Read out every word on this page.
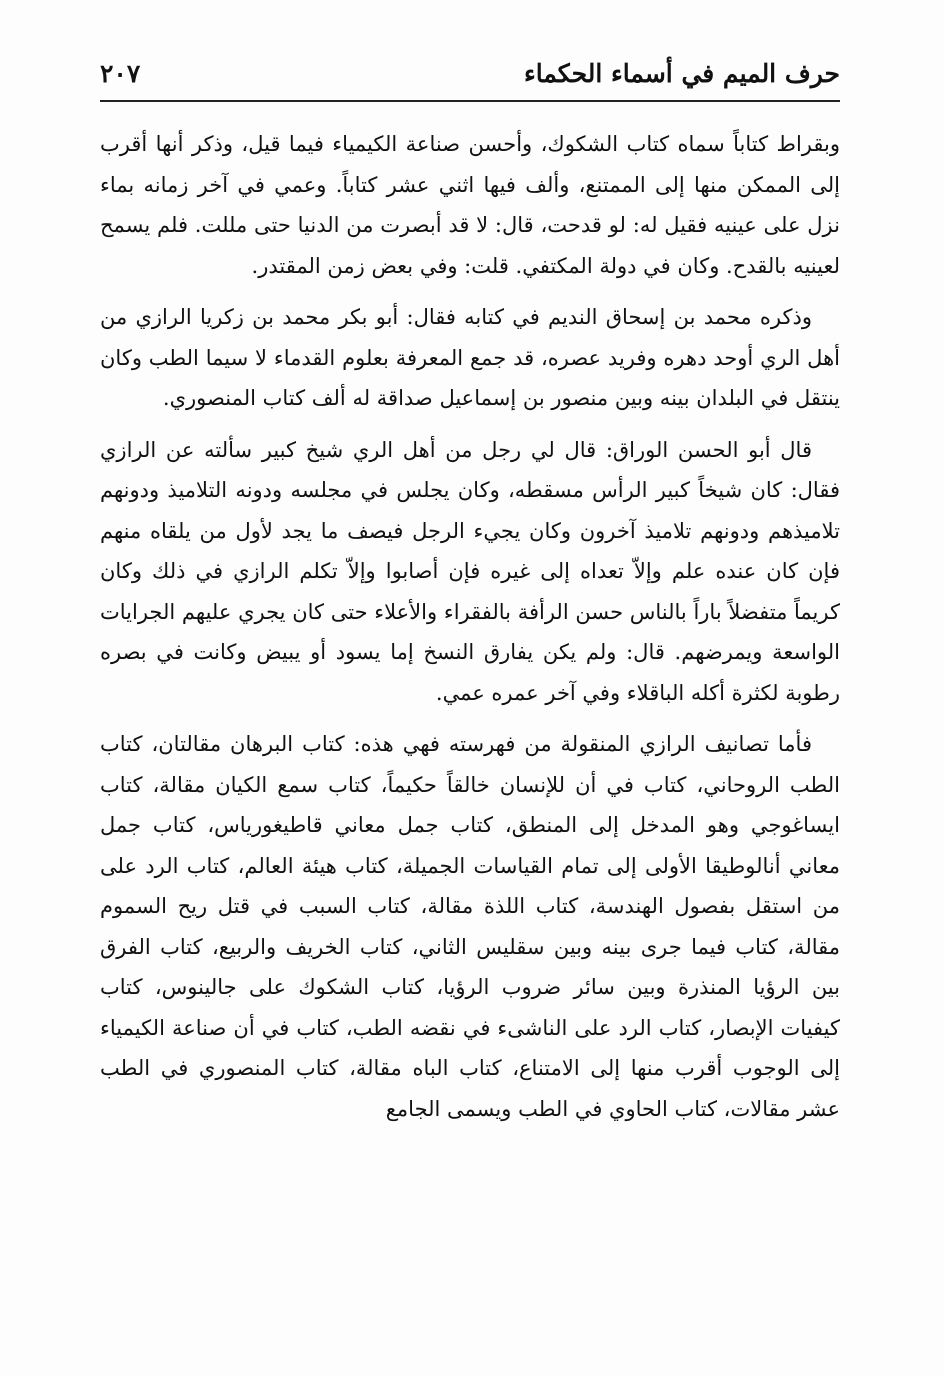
حرف الميم في أسماء الحكماء
٢٠٧

وبقراط كتاباً سماه كتاب الشكوك، وأحسن صناعة الكيمياء فيما قيل، وذكر أنها أقرب إلى الممكن منها إلى الممتنع، وألف فيها اثني عشر كتاباً. وعمي في آخر زمانه بماء نزل على عينيه فقيل له: لو قدحت، قال: لا قد أبصرت من الدنيا حتى مللت. فلم يسمح لعينيه بالقدح. وكان في دولة المكتفي. قلت: وفي بعض زمن المقتدر.

وذكره محمد بن إسحاق النديم في كتابه فقال: أبو بكر محمد بن زكريا الرازي من أهل الري أوحد دهره وفريد عصره، قد جمع المعرفة بعلوم القدماء لا سيما الطب وكان ينتقل في البلدان بينه وبين منصور بن إسماعيل صداقة له ألف كتاب المنصوري.

قال أبو الحسن الوراق: قال لي رجل من أهل الري شيخ كبير سألته عن الرازي فقال: كان شيخاً كبير الرأس مسقطه، وكان يجلس في مجلسه ودونه التلاميذ ودونهم تلاميذهم ودونهم تلاميذ آخرون وكان يجيء الرجل فيصف ما يجد لأول من يلقاه منهم فإن كان عنده علم وإلاّ تعداه إلى غيره فإن أصابوا وإلاّ تكلم الرازي في ذلك وكان كريماً متفضلاً باراً بالناس حسن الرأفة بالفقراء والأعلاء حتى كان يجري عليهم الجرايات الواسعة ويمرضهم. قال: ولم يكن يفارق النسخ إما يسود أو يبيض وكانت في بصره رطوبة لكثرة أكله الباقلاء وفي آخر عمره عمي.

فأما تصانيف الرازي المنقولة من فهرسته فهي هذه: كتاب البرهان مقالتان، كتاب الطب الروحاني، كتاب في أن للإنسان خالقاً حكيماً، كتاب سمع الكيان مقالة، كتاب ايساغوجي وهو المدخل إلى المنطق، كتاب جمل معاني قاطيغورياس، كتاب جمل معاني أنالوطيقا الأولى إلى تمام القياسات الجميلة، كتاب هيئة العالم، كتاب الرد على من استقل بفصول الهندسة، كتاب اللذة مقالة، كتاب السبب في قتل ريح السموم مقالة، كتاب فيما جرى بينه وبين سقليس الثاني، كتاب الخريف والربيع، كتاب الفرق بين الرؤيا المنذرة وبين سائر ضروب الرؤيا، كتاب الشكوك على جالينوس، كتاب كيفيات الإبصار، كتاب الرد على الناشىء في نقضه الطب، كتاب في أن صناعة الكيمياء إلى الوجوب أقرب منها إلى الامتناع، كتاب الباه مقالة، كتاب المنصوري في الطب عشر مقالات، كتاب الحاوي في الطب ويسمى الجامع
